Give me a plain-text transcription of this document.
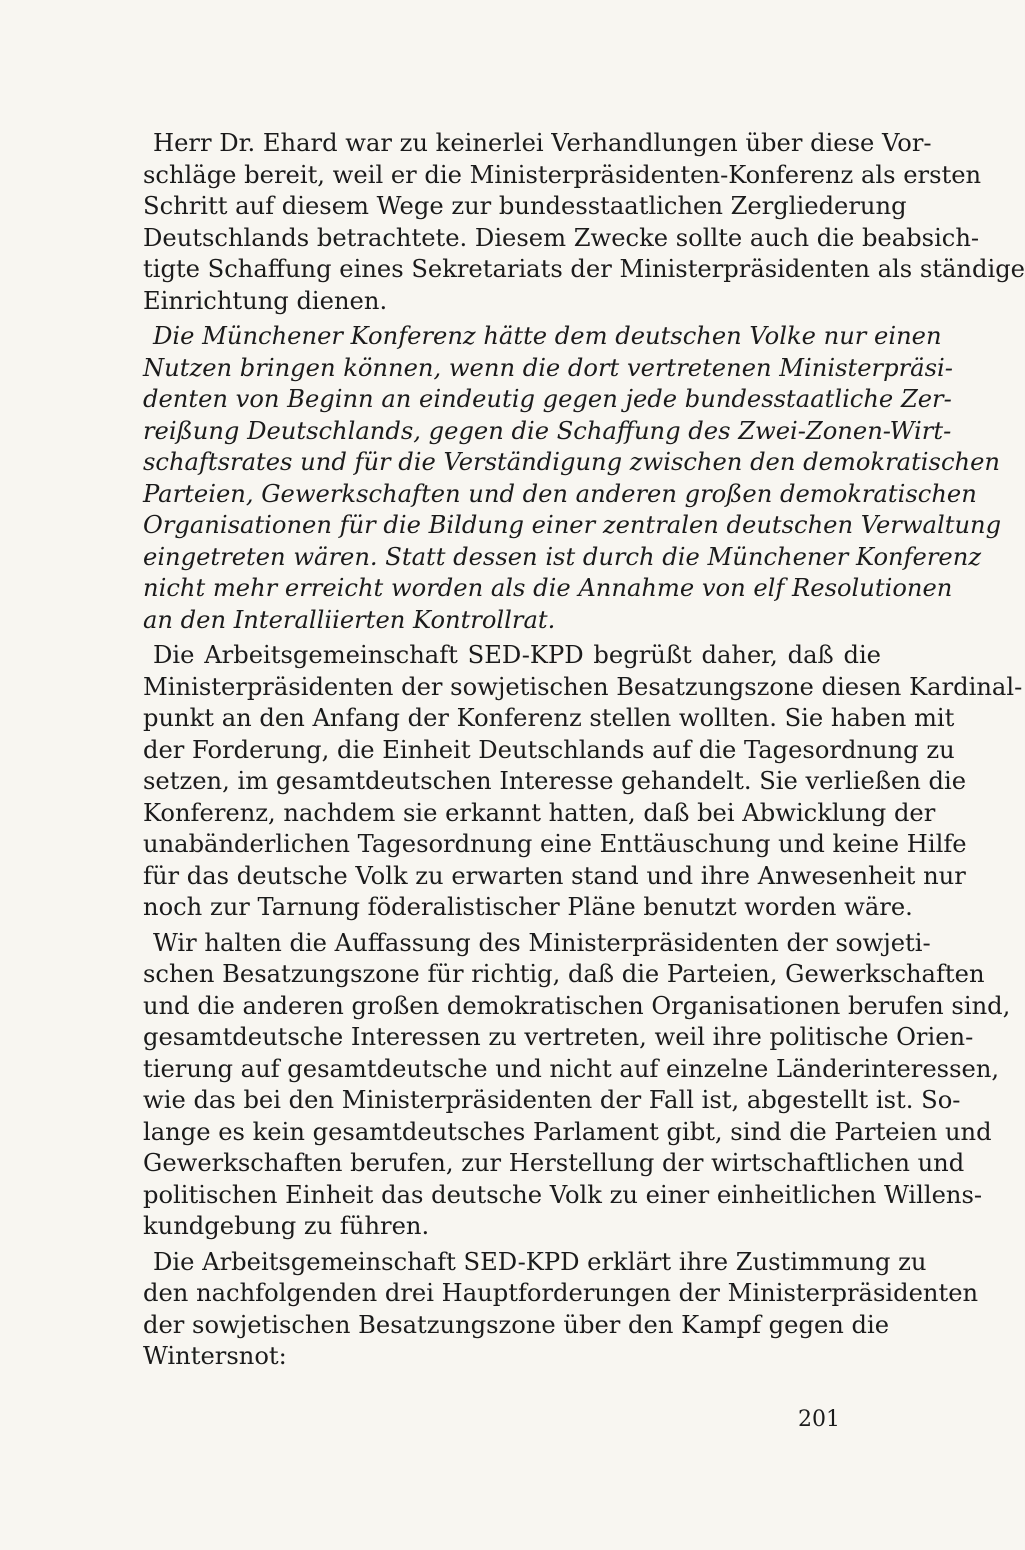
Herr Dr. Ehard war zu keinerlei Verhandlungen über diese Vor-
schläge bereit, weil er die Ministerpräsidenten-Konferenz als ersten
Schritt auf diesem Wege zur bundesstaatlichen Zergliederung
Deutschlands betrachtete. Diesem Zwecke sollte auch die beabsich-
tigte Schaffung eines Sekretariats der Ministerpräsidenten als ständige
Einrichtung dienen.
Die Münchener Konferenz hätte dem deutschen Volke nur einen
Nutzen bringen können, wenn die dort vertretenen Ministerpräsi-
denten von Beginn an eindeutig gegen jede bundesstaatliche Zer-
reißung Deutschlands, gegen die Schaffung des Zwei-Zonen-Wirt-
schaftsrates und für die Verständigung zwischen den demokratischen
Parteien, Gewerkschaften und den anderen großen demokratischen
Organisationen für die Bildung einer zentralen deutschen Verwaltung
eingetreten wären. Statt dessen ist durch die Münchener Konferenz
nicht mehr erreicht worden als die Annahme von elf Resolutionen
an den Interalliierten Kontrollrat.
Die Arbeitsgemeinschaft SED-KPD begrüßt daher, daß die
Ministerpräsidenten der sowjetischen Besatzungszone diesen Kardinal-
punkt an den Anfang der Konferenz stellen wollten. Sie haben mit
der Forderung, die Einheit Deutschlands auf die Tagesordnung zu
setzen, im gesamtdeutschen Interesse gehandelt. Sie verließen die
Konferenz, nachdem sie erkannt hatten, daß bei Abwicklung der
unabänderlichen Tagesordnung eine Enttäuschung und keine Hilfe
für das deutsche Volk zu erwarten stand und ihre Anwesenheit nur
noch zur Tarnung föderalistischer Pläne benutzt worden wäre.
Wir halten die Auffassung des Ministerpräsidenten der sowjeti-
schen Besatzungszone für richtig, daß die Parteien, Gewerkschaften
und die anderen großen demokratischen Organisationen berufen sind,
gesamtdeutsche Interessen zu vertreten, weil ihre politische Orien-
tierung auf gesamtdeutsche und nicht auf einzelne Länderinteressen,
wie das bei den Ministerpräsidenten der Fall ist, abgestellt ist. So-
lange es kein gesamtdeutsches Parlament gibt, sind die Parteien und
Gewerkschaften berufen, zur Herstellung der wirtschaftlichen und
politischen Einheit das deutsche Volk zu einer einheitlichen Willens-
kundgebung zu führen.
Die Arbeitsgemeinschaft SED-KPD erklärt ihre Zustimmung zu
den nachfolgenden drei Hauptforderungen der Ministerpräsidenten
der sowjetischen Besatzungszone über den Kampf gegen die
Wintersnot:
201
